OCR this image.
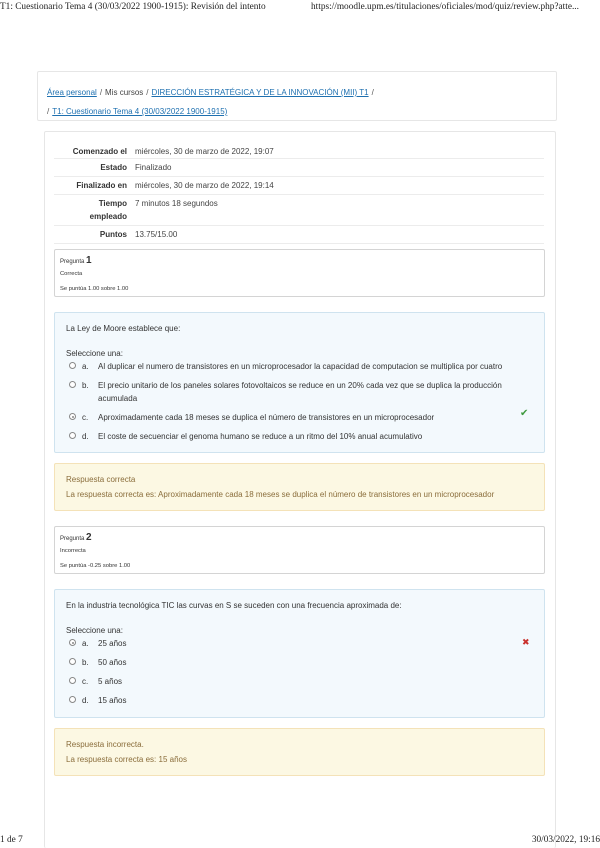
T1: Cuestionario Tema 4 (30/03/2022 1900-1915): Revisión del intento	https://moodle.upm.es/titulaciones/oficiales/mod/quiz/review.php?atte...
Área personal / Mis cursos / DIRECCIÓN ESTRATÉGICA Y DE LA INNOVACIÓN (MII) T1 /
/ T1: Cuestionario Tema 4 (30/03/2022 1900-1915)
Comenzado el	miércoles, 30 de marzo de 2022, 19:07
Estado	Finalizado
Finalizado en	miércoles, 30 de marzo de 2022, 19:14
Tiempo
empleado	7 minutos 18 segundos
Puntos	13.75/15.00

Pregunta 1
Correcta
Se puntúa 1.00 sobre 1.00
La Ley de Moore establece que:
Seleccione una:
a. Al duplicar el numero de transistores en un microprocesador la capacidad de computacion se multiplica por cuatro
b. El precio unitario de los paneles solares fotovoltaicos se reduce en un 20% cada vez que se duplica la producción acumulada
c. Aproximadamente cada 18 meses se duplica el número de transistores en un microprocesador	✔
d. El coste de secuenciar el genoma humano se reduce a un ritmo del 10% anual acumulativo
Respuesta correcta
La respuesta correcta es: Aproximadamente cada 18 meses se duplica el número de transistores en un microprocesador
Pregunta 2
Incorrecta
Se puntúa -0.25 sobre 1.00
En la industria tecnológica TIC las curvas en S se suceden con una frecuencia aproximada de:
Seleccione una:
a. 25 años	✖
b. 50 años
c. 5 años
d. 15 años
Respuesta incorrecta.
La respuesta correcta es: 15 años
1 de 7	30/03/2022, 19:16
